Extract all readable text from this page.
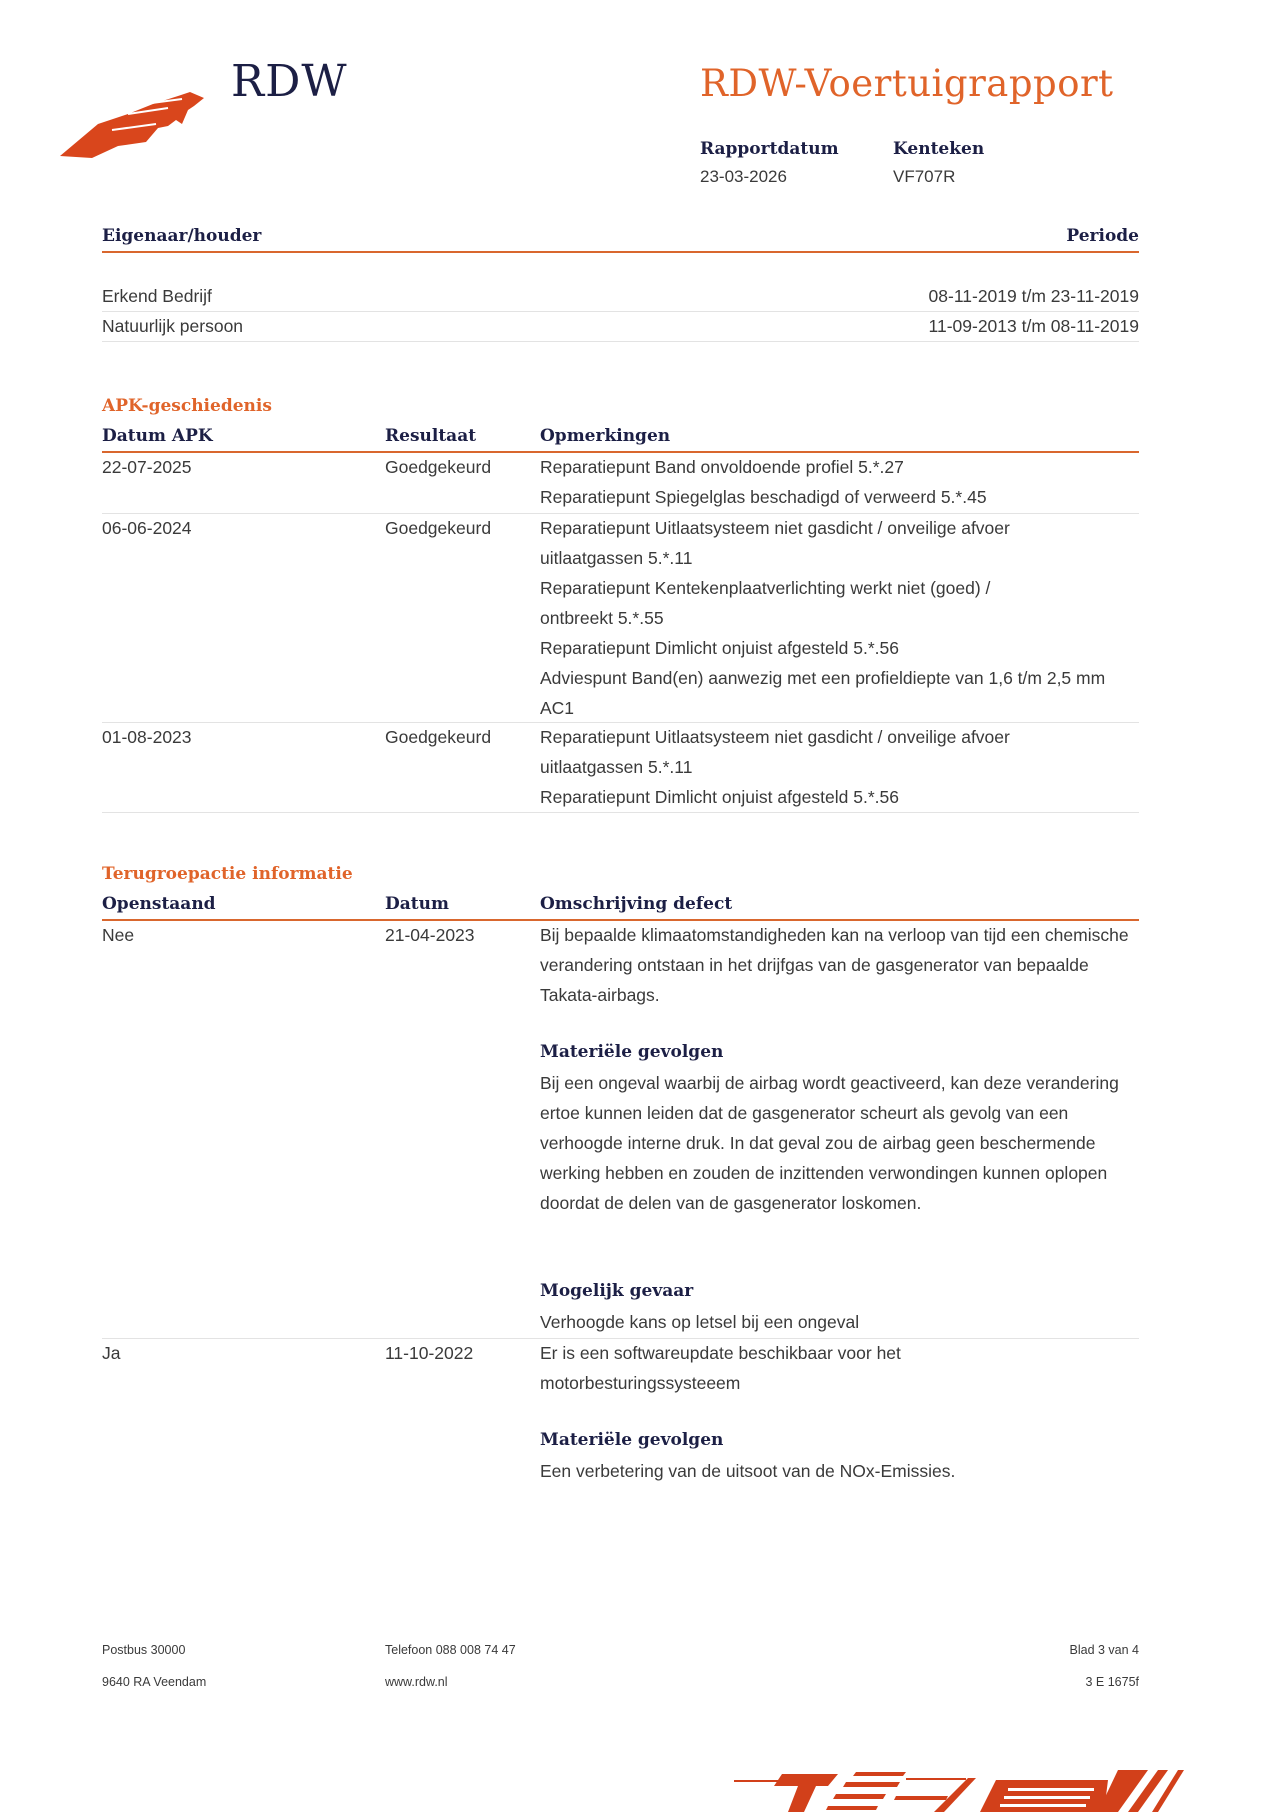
RDW	RDW-Voertuigrapport
Rapportdatum
23-03-2026
Kenteken
VF707R
Eigenaar/houder	Periode
Erkend Bedrijf	08-11-2019 t/m 23-11-2019
Natuurlijk persoon	11-09-2013 t/m 08-11-2019
APK-geschiedenis
Datum APK	Resultaat	Opmerkingen
22-07-2025	Goedgekeurd	Reparatiepunt Band onvoldoende profiel 5.*.27
Reparatiepunt Spiegelglas beschadigd of verweerd 5.*.45
06-06-2024	Goedgekeurd	Reparatiepunt Uitlaatsysteem niet gasdicht / onveilige afvoer uitlaatgassen 5.*.11
Reparatiepunt Kentekenplaatverlichting werkt niet (goed) / ontbreekt 5.*.55
Reparatiepunt Dimlicht onjuist afgesteld 5.*.56
Adviespunt Band(en) aanwezig met een profieldiepte van 1,6 t/m 2,5 mm AC1
01-08-2023	Goedgekeurd	Reparatiepunt Uitlaatsysteem niet gasdicht / onveilige afvoer uitlaatgassen 5.*.11
Reparatiepunt Dimlicht onjuist afgesteld 5.*.56
Terugroepactie informatie
Openstaand	Datum	Omschrijving defect
Nee	21-04-2023	Bij bepaalde klimaatomstandigheden kan na verloop van tijd een chemische verandering ontstaan in het drijfgas van de gasgenerator van bepaalde Takata-airbags.
Materiële gevolgen
Bij een ongeval waarbij de airbag wordt geactiveerd, kan deze verandering ertoe kunnen leiden dat de gasgenerator scheurt als gevolg van een verhoogde interne druk. In dat geval zou de airbag geen beschermende werking hebben en zouden de inzittenden verwondingen kunnen oplopen doordat de delen van de gasgenerator loskomen.
Mogelijk gevaar
Verhoogde kans op letsel bij een ongeval
Ja	11-10-2022	Er is een softwareupdate beschikbaar voor het motorbesturingssysteeem
Materiële gevolgen
Een verbetering van de uitsoot van de NOx-Emissies.
Postbus 30000
9640 RA Veendam
Telefoon 088 008 74 47
www.rdw.nl
Blad 3 van 4
3 E 1675f
